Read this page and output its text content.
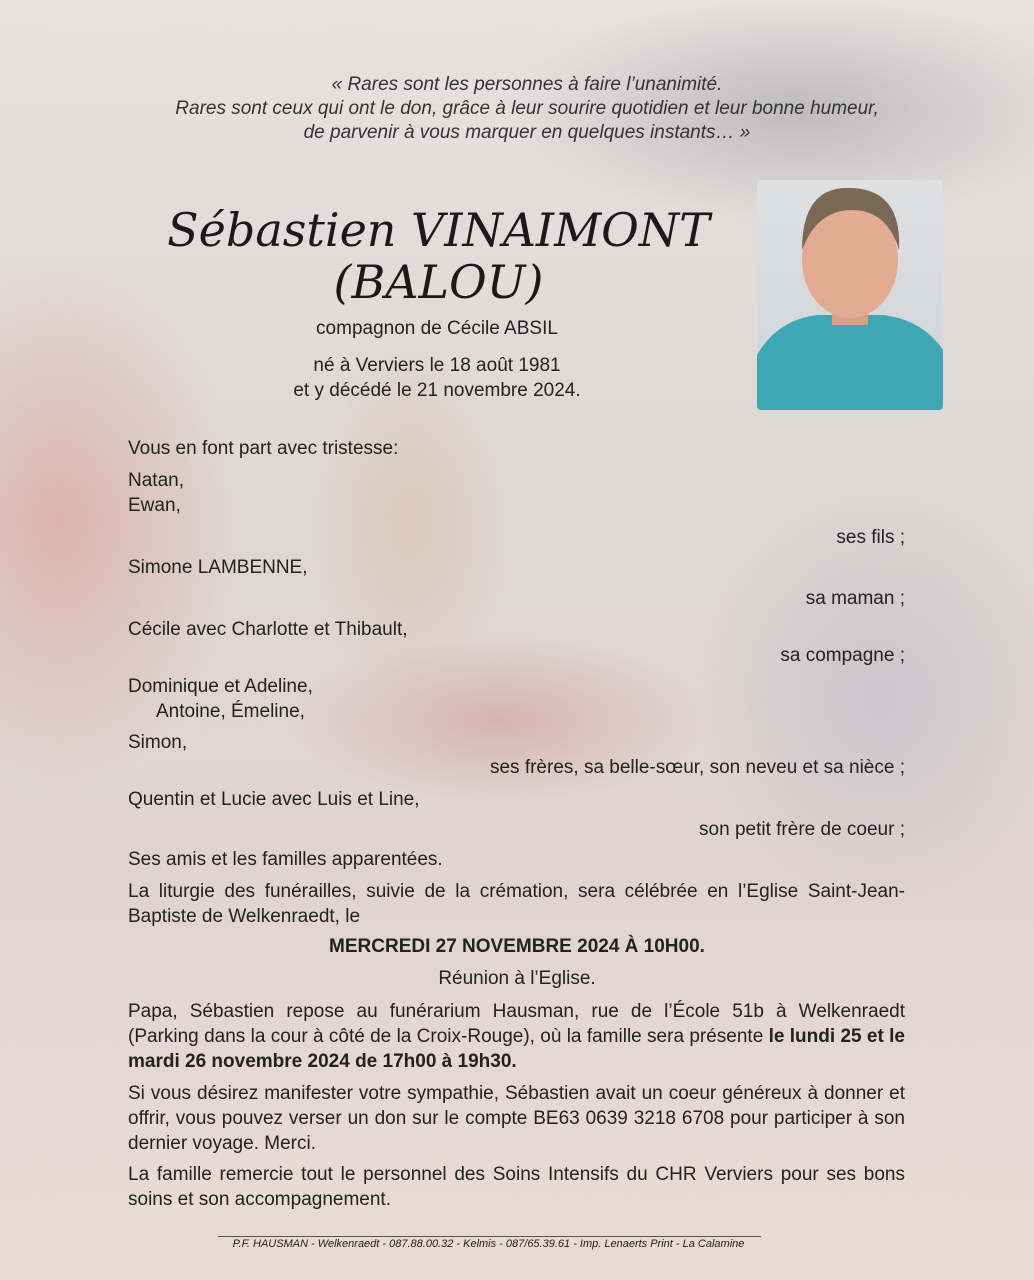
« Rares sont les personnes à faire l’unanimité.
Rares sont ceux qui ont le don, grâce à leur sourire quotidien et leur bonne humeur,
de parvenir à vous marquer en quelques instants… »
Sébastien VINAIMONT
(BALOU)
compagnon de Cécile ABSIL
né à Verviers le 18 août 1981
et y décédé le 21 novembre 2024.
Vous en font part avec tristesse:
Natan,
Ewan,
ses fils ;
Simone LAMBENNE,
sa maman ;
Cécile avec Charlotte et Thibault,
sa compagne ;
Dominique et Adeline,
Antoine, Émeline,
Simon,
ses frères, sa belle-sœur, son neveu et sa nièce ;
Quentin et Lucie avec Luis et Line,
son petit frère de coeur ;
Ses amis et les familles apparentées.
La liturgie des funérailles, suivie de la crémation, sera célébrée en l’Eglise Saint-Jean-Baptiste de Welkenraedt, le
MERCREDI 27 NOVEMBRE 2024 À 10H00.
Réunion à l’Eglise.
Papa, Sébastien repose au funérarium Hausman, rue de l’École 51b à Welkenraedt (Parking dans la cour à côté de la Croix-Rouge), où la famille sera présente le lundi 25 et le mardi 26 novembre 2024 de 17h00 à 19h30.
Si vous désirez manifester votre sympathie, Sébastien avait un coeur généreux à donner et offrir, vous pouvez verser un don sur le compte BE63 0639 3218 6708 pour participer à son dernier voyage. Merci.
La famille remercie tout le personnel des Soins Intensifs du CHR Verviers pour ses bons soins et son accompagnement.
P.F. HAUSMAN - Welkenraedt - 087.88.00.32 - Kelmis - 087/65.39.61 - Imp. Lenaerts Print - La Calamine
